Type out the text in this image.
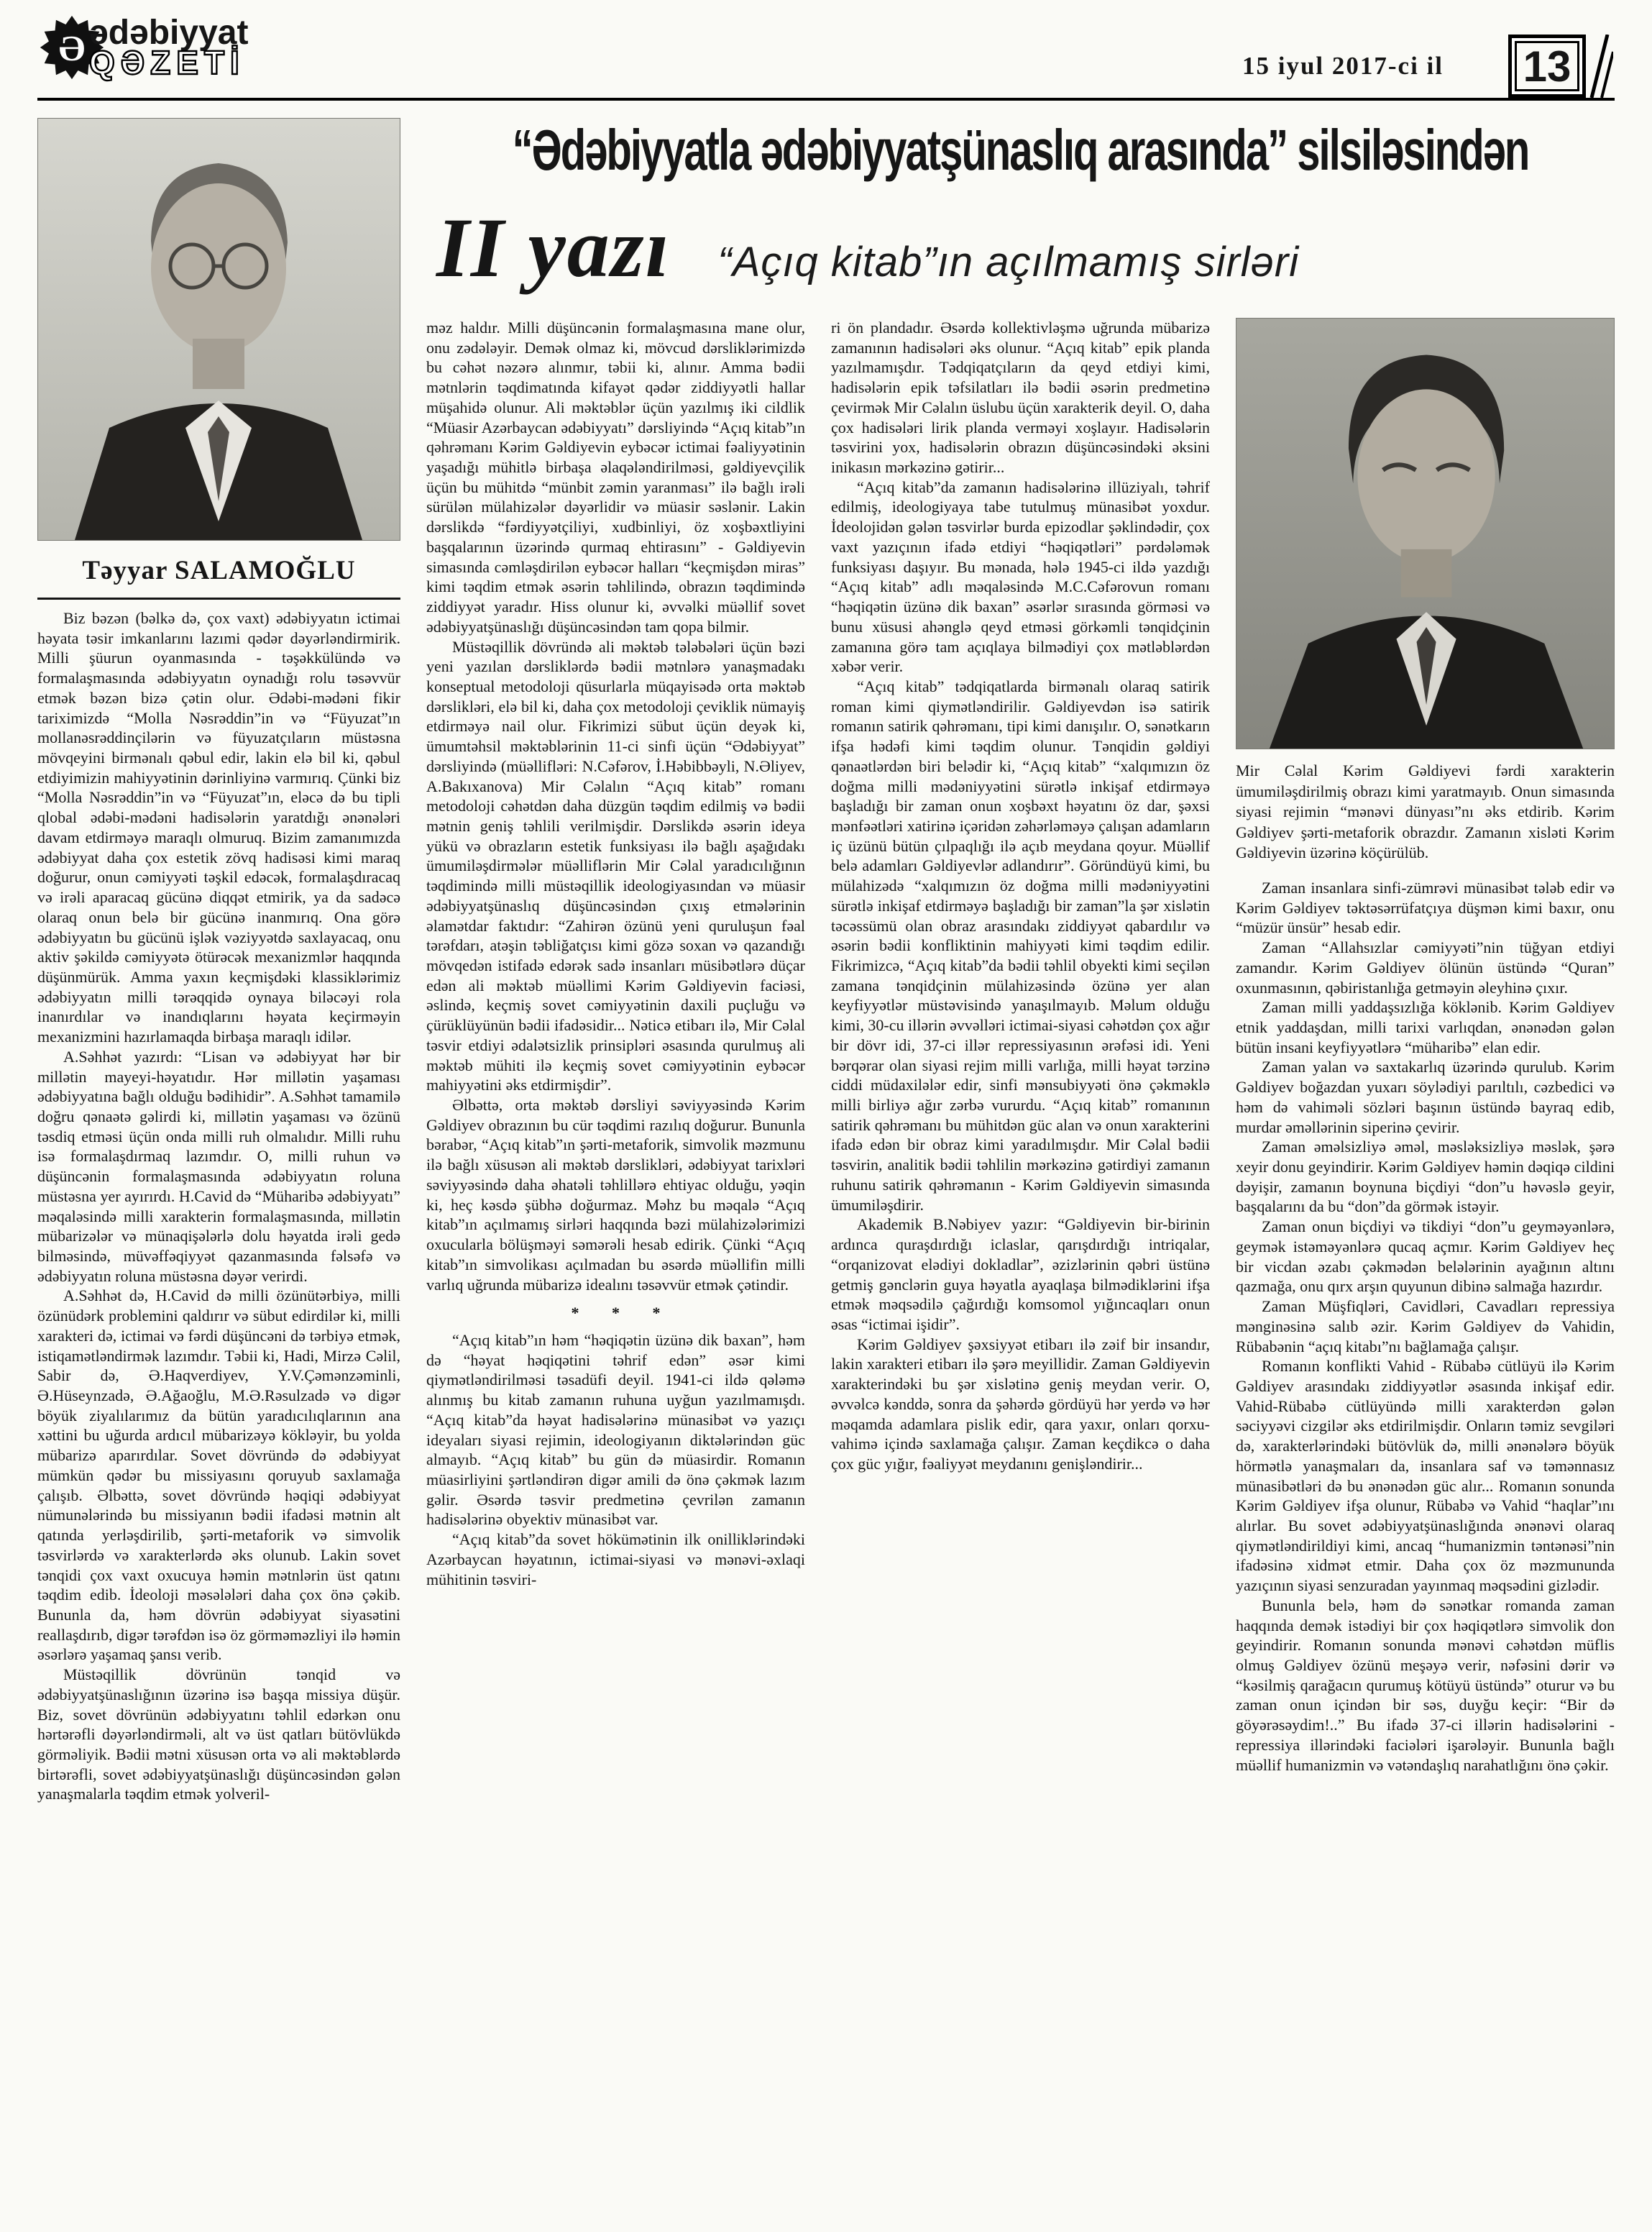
Ə ədəbiyyat
QƏZETİ	15 iyul 2017-ci il	13
Təyyar SALAMOĞLU

Biz bəzən (bəlkə də, çox vaxt) ədəbiyyatın ictimai həyata təsir imkanlarını lazımi qədər dəyərləndirmirik. Milli şüurun oyanmasında - təşəkkülündə və formalaşmasında ədəbiyyatın oynadığı rolu təsəvvür etmək bəzən bizə çətin olur. Ədəbi-mədəni fikir tariximizdə “Molla Nəsrəddin”in və “Füyuzat”ın mollanəsrəddinçilərin və füyuzatçıların müstəsna mövqeyini birmənalı qəbul edir, lakin elə bil ki, qəbul etdiyimizin mahiyyətinin dərinliyinə varmırıq. Çünki biz “Molla Nəsrəddin”in və “Füyuzat”ın, eləcə də bu tipli qlobal ədəbi-mədəni hadisələrin yaratdığı ənənələri davam etdirməyə maraqlı olmuruq. Bizim zamanımızda ədəbiyyat daha çox estetik zövq hadisəsi kimi maraq doğurur, onun cəmiyyəti təşkil edəcək, formalaşdıracaq və irəli aparacaq gücünə diqqət etmirik, ya da sadəcə olaraq onun belə bir gücünə inanmırıq. Ona görə ədəbiyyatın bu gücünü işlək vəziyyətdə saxlayacaq, onu aktiv şəkildə cəmiyyətə ötürəcək mexanizmlər haqqında düşünmürük. Amma yaxın keçmişdəki klassiklərimiz ədəbiyyatın milli tərəqqidə oynaya biləcəyi rola inanırdılar və inandıqlarını həyata keçirməyin mexanizmini hazırlamaqda birbaşa maraqlı idilər.

A.Səhhət yazırdı: “Lisan və ədəbiyyat hər bir millətin mayeyi-həyatıdır. Hər millətin yaşaması ədəbiyyatına bağlı olduğu bədihidir”. A.Səhhət tamamilə doğru qənaətə gəlirdi ki, millətin yaşaması və özünü təsdiq etməsi üçün onda milli ruh olmalıdır. Milli ruhu isə formalaşdırmaq lazımdır. O, milli ruhun və düşüncənin formalaşmasında ədəbiyyatın roluna müstəsna yer ayırırdı. H.Cavid də “Müharibə ədəbiyyatı” məqaləsində milli xarakterin formalaşmasında, millətin mübarizələr və münaqişələrlə dolu həyatda irəli gedə bilməsində, müvəffəqiyyət qazanmasında fəlsəfə və ədəbiyyatın roluna müstəsna dəyər verirdi.

A.Səhhət də, H.Cavid də milli özünütərbiyə, milli özünüdərk problemini qaldırır və sübut edirdilər ki, milli xarakteri də, ictimai və fərdi düşüncəni də tərbiyə etmək, istiqamətləndirmək lazımdır. Təbii ki, Hadi, Mirzə Cəlil, Sabir də, Ə.Haqverdiyev, Y.V.Çəmənzəminli, Ə.Hüseynzadə, Ə.Ağaoğlu, M.Ə.Rəsulzadə və digər böyük ziyalılarımız da bütün yaradıcılıqlarının ana xəttini bu uğurda ardıcıl mübarizəyə kökləyir, bu yolda mübarizə aparırdılar. Sovet dövründə də ədəbiyyat mümkün qədər bu missiyasını qoruyub saxlamağa çalışıb. Əlbəttə, sovet dövründə həqiqi ədəbiyyat nümunələrində bu missiyanın bədii ifadəsi mətnin alt qatında yerləşdirilib, şərti-metaforik və simvolik təsvirlərdə və xarakterlərdə əks olunub. Lakin sovet tənqidi çox vaxt oxucuya həmin mətnlərin üst qatını təqdim edib. İdeoloji məsələləri daha çox önə çəkib. Bununla da, həm dövrün ədəbiyyat siyasətini reallaşdırıb, digər tərəfdən isə öz görməməzliyi ilə həmin əsərlərə yaşamaq şansı verib.

Müstəqillik dövrünün tənqid və ədəbiyyatşünaslığının üzərinə isə başqa missiya düşür. Biz, sovet dövrünün ədəbiyyatını təhlil edərkən onu hərtərəfli dəyərləndirməli, alt və üst qatları bütövlükdə görməliyik. Bədii mətni xüsusən orta və ali məktəblərdə birtərəfli, sovet ədəbiyyatşünaslığı düşüncəsindən gələn yanaşmalarla təqdim etmək yolveril-

“Ədəbiyyatla ədəbiyyatşünaslıq arasında” silsiləsindən
II yazı “Açıq kitab”ın açılmamış sirləri

məz haldır. Milli düşüncənin formalaşmasına mane olur, onu zədələyir. Demək olmaz ki, mövcud dərsliklərimizdə bu cəhət nəzərə alınmır, təbii ki, alınır. Amma bədii mətnlərin təqdimatında kifayət qədər ziddiyyətli hallar müşahidə olunur. Ali məktəblər üçün yazılmış iki cildlik “Müasir Azərbaycan ədəbiyyatı” dərsliyində “Açıq kitab”ın qəhrəmanı Kərim Gəldiyevin eybəcər ictimai fəaliyyətinin yaşadığı mühitlə birbaşa əlaqələndirilməsi, gəldiyevçilik üçün bu mühitdə “münbit zəmin yaranması” ilə bağlı irəli sürülən mülahizələr dəyərlidir və müasir səslənir. Lakin dərslikdə “fərdiyyətçiliyi, xudbinliyi, öz xoşbəxtliyini başqalarının üzərində qurmaq ehtirasını” - Gəldiyevin simasında cəmləşdirilən eybəcər halları “keçmişdən miras” kimi təqdim etmək əsərin təhlilində, obrazın təqdimində ziddiyyət yaradır. Hiss olunur ki, əvvəlki müəllif sovet ədəbiyyatşünaslığı düşüncəsindən tam qopa bilmir.

Müstəqillik dövründə ali məktəb tələbələri üçün bəzi yeni yazılan dərsliklərdə bədii mətnlərə yanaşmadakı konseptual metodoloji qüsurlarla müqayisədə orta məktəb dərslikləri, elə bil ki, daha çox metodoloji çeviklik nümayiş etdirməyə nail olur. Fikrimizi sübut üçün deyək ki, ümumtəhsil məktəblərinin 11-ci sinfi üçün “Ədəbiyyat” dərsliyində (müəllifləri: N.Cəfərov, İ.Həbibbəyli, N.Əliyev, A.Bakıxanova) Mir Cəlalın “Açıq kitab” romanı metodoloji cəhətdən daha düzgün təqdim edilmiş və bədii mətnin geniş təhlili verilmişdir. Dərslikdə əsərin ideya yükü və obrazların estetik funksiyası ilə bağlı aşağıdakı ümumiləşdirmələr müəlliflərin Mir Cəlal yaradıcılığının təqdimində milli müstəqillik ideologiyasından və müasir ədəbiyyatşünaslıq düşüncəsindən çıxış etmələrinin əlamətdar faktıdır: “Zahirən özünü yeni quruluşun fəal tərəfdarı, atəşin təbliğatçısı kimi gözə soxan və qazandığı mövqedən istifadə edərək sadə insanları müsibətlərə düçar edən ali məktəb müəllimi Kərim Gəldiyevin faciəsi, əslində, keçmiş sovet cəmiyyətinin daxili puçluğu və çürüklüyünün bədii ifadəsidir... Nəticə etibarı ilə, Mir Cəlal təsvir etdiyi ədalətsizlik prinsipləri əsasında qurulmuş ali məktəb mühiti ilə keçmiş sovet cəmiyyətinin eybəcər mahiyyətini əks etdirmişdir”.

Əlbəttə, orta məktəb dərsliyi səviyyəsində Kərim Gəldiyev obrazının bu cür təqdimi razılıq doğurur. Bununla bərabər, “Açıq kitab”ın şərti-metaforik, simvolik məzmunu ilə bağlı xüsusən ali məktəb dərslikləri, ədəbiyyat tarixləri səviyyəsində daha əhatəli təhlillərə ehtiyac olduğu, yəqin ki, heç kəsdə şübhə doğurmaz. Məhz bu məqalə “Açıq kitab”ın açılmamış sirləri haqqında bəzi mülahizələrimizi oxucularla bölüşməyi səmərəli hesab edirik. Çünki “Açıq kitab”ın simvolikası açılmadan bu əsərdə müəllifin milli varlıq uğrunda mübarizə idealını təsəvvür etmək çətindir.

* * *

“Açıq kitab”ın həm “həqiqətin üzünə dik baxan”, həm də “həyat həqiqətini təhrif edən” əsər kimi qiymətləndirilməsi təsadüfi deyil. 1941-ci ildə qələmə alınmış bu kitab zamanın ruhuna uyğun yazılmamışdı. “Açıq kitab”da həyat hadisələrinə münasibət və yazıçı ideyaları siyasi rejimin, ideologiyanın diktələrindən güc almayıb. “Açıq kitab” bu gün də müasirdir. Romanın müasirliyini şərtləndirən digər amili də önə çəkmək lazım gəlir. Əsərdə təsvir predmetinə çevrilən zamanın hadisələrinə obyektiv münasibət var.

“Açıq kitab”da sovet hökümətinin ilk onilliklərindəki Azərbaycan həyatının, ictimai-siyasi və mənəvi-əxlaqi mühitinin təsviri-

ri ön plandadır. Əsərdə kollektivləşmə uğrunda mübarizə zamanının hadisələri əks olunur. “Açıq kitab” epik planda yazılmamışdır. Tədqiqatçıların da qeyd etdiyi kimi, hadisələrin epik təfsilatları ilə bədii əsərin predmetinə çevirmək Mir Cəlalın üslubu üçün xarakterik deyil. O, daha çox hadisələri lirik planda verməyi xoşlayır. Hadisələrin təsvirini yox, hadisələrin obrazın düşüncəsindəki əksini inikasın mərkəzinə gətirir...

“Açıq kitab”da zamanın hadisələrinə illüziyalı, təhrif edilmiş, ideologiyaya tabe tutulmuş münasibət yoxdur. İdeolojidən gələn təsvirlər burda epizodlar şəklindədir, çox vaxt yazıçının ifadə etdiyi “həqiqətləri” pərdələmək funksiyası daşıyır. Bu mənada, hələ 1945-ci ildə yazdığı “Açıq kitab” adlı məqaləsində M.C.Cəfərovun romanı “həqiqətin üzünə dik baxan” əsərlər sırasında görməsi və bunu xüsusi ahənglə qeyd etməsi görkəmli tənqidçinin zamanına görə tam açıqlaya bilmədiyi çox mətləblərdən xəbər verir.

“Açıq kitab” tədqiqatlarda birmənalı olaraq satirik roman kimi qiymətləndirilir. Gəldiyevdən isə satirik romanın satirik qəhrəmanı, tipi kimi danışılır. O, sənətkarın ifşa hədəfi kimi təqdim olunur. Tənqidin gəldiyi qənaətlərdən biri belədir ki, “Açıq kitab” “xalqımızın öz doğma milli mədəniyyətini sürətlə inkişaf etdirməyə başladığı bir zaman onun xoşbəxt həyatını öz dar, şəxsi mənfəətləri xatirinə içəridən zəhərləməyə çalışan adamların iç üzünü bütün çılpaqlığı ilə açıb meydana qoyur. Müəllif belə adamları Gəldiyevlər adlandırır”. Göründüyü kimi, bu mülahizədə “xalqımızın öz doğma milli mədəniyyətini sürətlə inkişaf etdirməyə başladığı bir zaman”la şər xislətin təcəssümü olan obraz arasındakı ziddiyyət qabardılır və əsərin bədii konfliktinin mahiyyəti kimi təqdim edilir. Fikrimizcə, “Açıq kitab”da bədii təhlil obyekti kimi seçilən zamana tənqidçinin mülahizəsində özünə yer alan keyfiyyətlər müstəvisində yanaşılmayıb. Məlum olduğu kimi, 30-cu illərin əvvəlləri ictimai-siyasi cəhətdən çox ağır bir dövr idi, 37-ci illər repressiyasının ərəfəsi idi. Yeni bərqərar olan siyasi rejim milli varlığa, milli həyat tərzinə ciddi müdaxilələr edir, sinfi mənsubiyyəti önə çəkməklə milli birliyə ağır zərbə vururdu. “Açıq kitab” romanının satirik qəhrəmanı bu mühitdən güc alan və onun xarakterini ifadə edən bir obraz kimi yaradılmışdır. Mir Cəlal bədii təsvirin, analitik bədii təhlilin mərkəzinə gətirdiyi zamanın ruhunu satirik qəhrəmanın - Kərim Gəldiyevin simasında ümumiləşdirir.

Akademik B.Nəbiyev yazır: “Gəldiyevin bir-birinin ardınca quraşdırdığı iclaslar, qarışdırdığı intriqalar, “orqanizovat elədiyi dokladlar”, əzizlərinin qəbri üstünə getmiş gənclərin guya həyatla ayaqlaşa bilmədiklərini ifşa etmək məqsədilə çağırdığı komsomol yığıncaqları onun əsas “ictimai işidir”.

Kərim Gəldiyev şəxsiyyət etibarı ilə zəif bir insandır, lakin xarakteri etibarı ilə şərə meyillidir. Zaman Gəldiyevin xarakterindəki bu şər xislətinə geniş meydan verir. O, əvvəlcə kənddə, sonra da şəhərdə gördüyü hər yerdə və hər məqamda adamlara pislik edir, qara yaxır, onları qorxu-vahimə içində saxlamağa çalışır. Zaman keçdikcə o daha çox güc yığır, fəaliyyət meydanını genişləndirir...

Mir Cəlal Kərim Gəldiyevi fərdi xarakterin ümumiləşdirilmiş obrazı kimi yaratmayıb. Onun simasında siyasi rejimin “mənəvi dünyası”nı əks etdirib. Kərim Gəldiyev şərti-metaforik obrazdır. Zamanın xisləti Kərim Gəldiyevin üzərinə köçürülüb.

Zaman insanlara sinfi-zümrəvi münasibət tələb edir və Kərim Gəldiyev təktəsərrüfatçıya düşmən kimi baxır, onu “müzür ünsür” hesab edir.

Zaman “Allahsızlar cəmiyyəti”nin tüğyan etdiyi zamandır. Kərim Gəldiyev ölünün üstündə “Quran” oxunmasının, qəbiristanlığa getməyin əleyhinə çıxır.

Zaman milli yaddaşsızlığa köklənib. Kərim Gəldiyev etnik yaddaşdan, milli tarixi varlıqdan, ənənədən gələn bütün insani keyfiyyətlərə “müharibə” elan edir.

Zaman yalan və saxtakarlıq üzərində qurulub. Kərim Gəldiyev boğazdan yuxarı söylədiyi parıltılı, cəzbedici və həm də vahiməli sözləri başının üstündə bayraq edib, murdar əməllərinin siperinə çevirir.

Zaman əməlsizliyə əməl, məsləksizliyə məslək, şərə xeyir donu geyindirir. Kərim Gəldiyev həmin dəqiqə cildini dəyişir, zamanın boynuna biçdiyi “don”u həvəslə geyir, başqalarını da bu “don”da görmək istəyir.

Zaman onun biçdiyi və tikdiyi “don”u geyməyənlərə, geymək istəməyənlərə qucaq açmır. Kərim Gəldiyev heç bir vicdan əzabı çəkmədən belələrinin ayağının altını qazmağa, onu qırx arşın quyunun dibinə salmağa hazırdır.

Zaman Müşfiqləri, Cavidləri, Cavadları repressiya mənginəsinə salıb əzir. Kərim Gəldiyev də Vahidin, Rübabənin “açıq kitabı”nı bağlamağa çalışır.

Romanın konflikti Vahid - Rübabə cütlüyü ilə Kərim Gəldiyev arasındakı ziddiyyətlər əsasında inkişaf edir. Vahid-Rübabə cütlüyündə milli xarakterdən gələn səciyyəvi cizgilər əks etdirilmişdir. Onların təmiz sevgiləri də, xarakterlərindəki bütövlük də, milli ənənələrə böyük hörmətlə yanaşmaları da, insanlara saf və təmənnasız münasibətləri də bu ənənədən güc alır... Romanın sonunda Kərim Gəldiyev ifşa olunur, Rübabə və Vahid “haqlar”ını alırlar. Bu sovet ədəbiyyatşünaslığında ənənəvi olaraq qiymətləndirildiyi kimi, ancaq “humanizmin təntənəsi”nin ifadəsinə xidmət etmir. Daha çox öz məzmununda yazıçının siyasi senzuradan yayınmaq məqsədini gizlədir.

Bununla belə, həm də sənətkar romanda zaman haqqında demək istədiyi bir çox həqiqətlərə simvolik don geyindirir. Romanın sonunda mənəvi cəhətdən müflis olmuş Gəldiyev özünü meşəyə verir, nəfəsini dərir və “kəsilmiş qarağacın qurumuş kötüyü üstündə” oturur və bu zaman onun içindən bir səs, duyğu keçir: “Bir də göyərəsəydim!..” Bu ifadə 37-ci illərin hadisələrini - repressiya illərindəki faciələri işarələyir. Bununla bağlı müəllif humanizmin və vətəndaşlıq narahatlığını önə çəkir.
